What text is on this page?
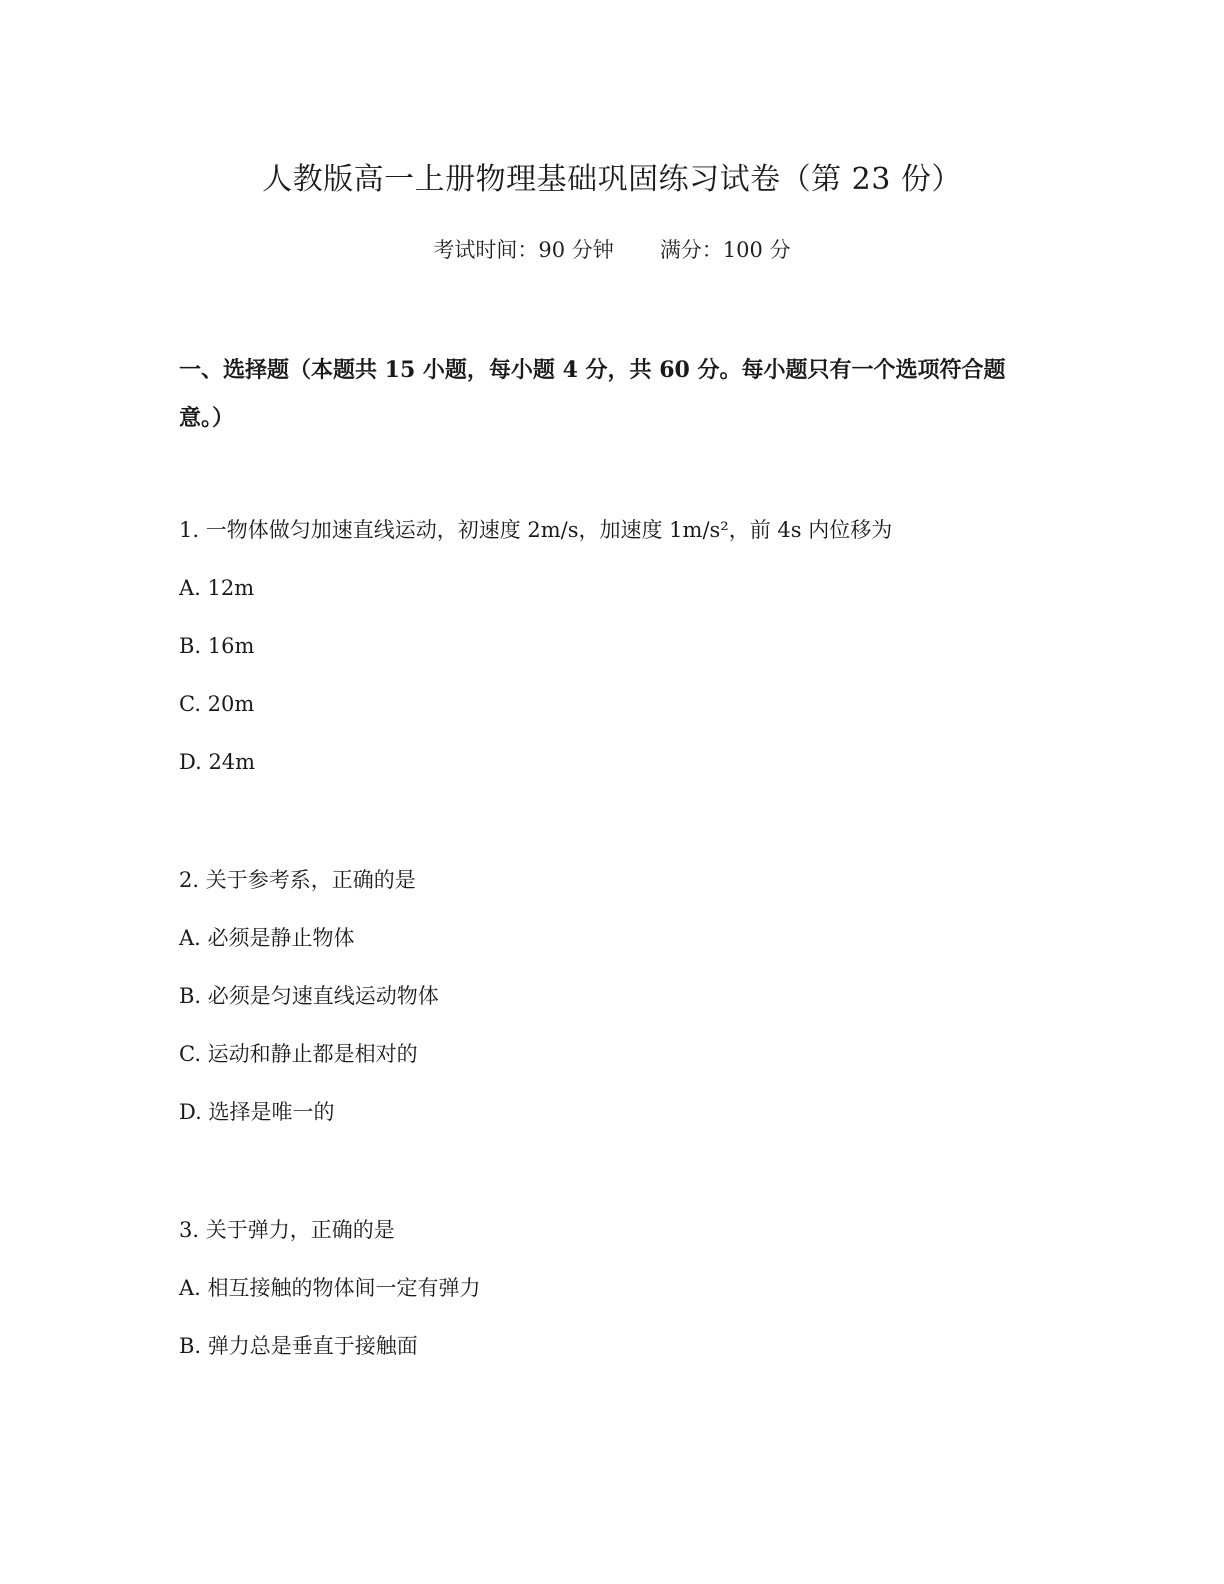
人教版高一上册物理基础巩固练习试卷（第 23 份）
考试时间：90 分钟 满分：100 分
一、选择题（本题共 15 小题，每小题 4 分，共 60 分。每小题只有一个选项符合题意。）
1. 一物体做匀加速直线运动，初速度 2m/s，加速度 1m/s²，前 4s 内位移为
A. 12m
B. 16m
C. 20m
D. 24m
2. 关于参考系，正确的是
A. 必须是静止物体
B. 必须是匀速直线运动物体
C. 运动和静止都是相对的
D. 选择是唯一的
3. 关于弹力，正确的是
A. 相互接触的物体间一定有弹力
B. 弹力总是垂直于接触面
